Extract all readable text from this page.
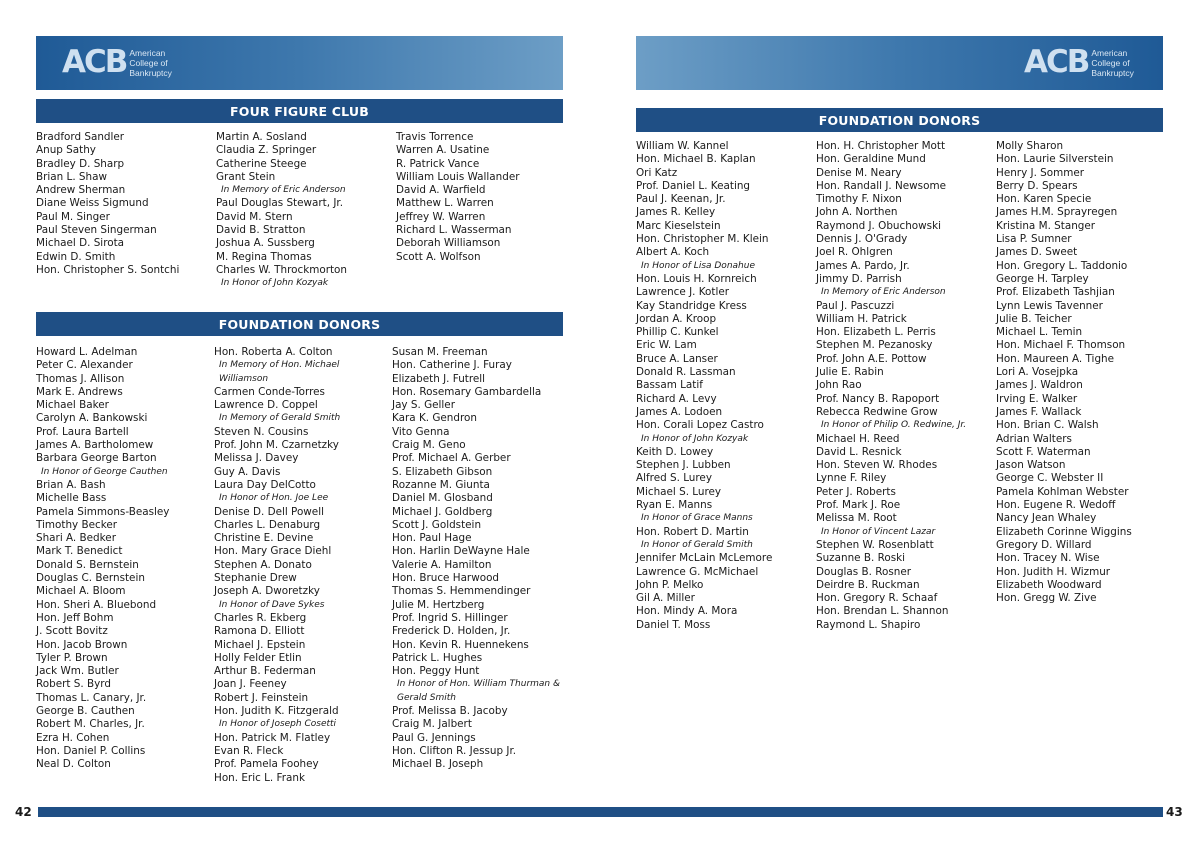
ACB American
College of
Bankruptcy
FOUR FIGURE CLUB
Bradford Sandler
Anup Sathy
Bradley D. Sharp
Brian L. Shaw
Andrew Sherman
Diane Weiss Sigmund
Paul M. Singer
Paul Steven Singerman
Michael D. Sirota
Edwin D. Smith
Hon. Christopher S. Sontchi
Martin A. Sosland
Claudia Z. Springer
Catherine Steege
Grant Stein
In Memory of Eric Anderson
Paul Douglas Stewart, Jr.
David M. Stern
David B. Stratton
Joshua A. Sussberg
M. Regina Thomas
Charles W. Throckmorton
In Honor of John Kozyak
Travis Torrence
Warren A. Usatine
R. Patrick Vance
William Louis Wallander
David A. Warfield
Matthew L. Warren
Jeffrey W. Warren
Richard L. Wasserman
Deborah Williamson
Scott A. Wolfson
FOUNDATION DONORS
Howard L. Adelman
Peter C. Alexander
Thomas J. Allison
Mark E. Andrews
Michael Baker
Carolyn A. Bankowski
Prof. Laura Bartell
James A. Bartholomew
Barbara George Barton
In Honor of George Cauthen
Brian A. Bash
Michelle Bass
Pamela Simmons-Beasley
Timothy Becker
Shari A. Bedker
Mark T. Benedict
Donald S. Bernstein
Douglas C. Bernstein
Michael A. Bloom
Hon. Sheri A. Bluebond
Hon. Jeff Bohm
J. Scott Bovitz
Hon. Jacob Brown
Tyler P. Brown
Jack Wm. Butler
Robert S. Byrd
Thomas L. Canary, Jr.
George B. Cauthen
Robert M. Charles, Jr.
Ezra H. Cohen
Hon. Daniel P. Collins
Neal D. Colton
Hon. Roberta A. Colton
In Memory of Hon. Michael
Williamson
Carmen Conde-Torres
Lawrence D. Coppel
In Memory of Gerald Smith
Steven N. Cousins
Prof. John M. Czarnetzky
Melissa J. Davey
Guy A. Davis
Laura Day DelCotto
In Honor of Hon. Joe Lee
Denise D. Dell Powell
Charles L. Denaburg
Christine E. Devine
Hon. Mary Grace Diehl
Stephen A. Donato
Stephanie Drew
Joseph A. Dworetzky
In Honor of Dave Sykes
Charles R. Ekberg
Ramona D. Elliott
Michael J. Epstein
Holly Felder Etlin
Arthur B. Federman
Joan J. Feeney
Robert J. Feinstein
Hon. Judith K. Fitzgerald
In Honor of Joseph Cosetti
Hon. Patrick M. Flatley
Evan R. Fleck
Prof. Pamela Foohey
Hon. Eric L. Frank
Susan M. Freeman
Hon. Catherine J. Furay
Elizabeth J. Futrell
Hon. Rosemary Gambardella
Jay S. Geller
Kara K. Gendron
Vito Genna
Craig M. Geno
Prof. Michael A. Gerber
S. Elizabeth Gibson
Rozanne M. Giunta
Daniel M. Glosband
Michael J. Goldberg
Scott J. Goldstein
Hon. Paul Hage
Hon. Harlin DeWayne Hale
Valerie A. Hamilton
Hon. Bruce Harwood
Thomas S. Hemmendinger
Julie M. Hertzberg
Prof. Ingrid S. Hillinger
Frederick D. Holden, Jr.
Hon. Kevin R. Huennekens
Patrick L. Hughes
Hon. Peggy Hunt
In Honor of Hon. William Thurman &
Gerald Smith
Prof. Melissa B. Jacoby
Craig M. Jalbert
Paul G. Jennings
Hon. Clifton R. Jessup Jr.
Michael B. Joseph
42
ACB American
College of
Bankruptcy
FOUNDATION DONORS
William W. Kannel
Hon. Michael B. Kaplan
Ori Katz
Prof. Daniel L. Keating
Paul J. Keenan, Jr.
James R. Kelley
Marc Kieselstein
Hon. Christopher M. Klein
Albert A. Koch
In Honor of Lisa Donahue
Hon. Louis H. Kornreich
Lawrence J. Kotler
Kay Standridge Kress
Jordan A. Kroop
Phillip C. Kunkel
Eric W. Lam
Bruce A. Lanser
Donald R. Lassman
Bassam Latif
Richard A. Levy
James A. Lodoen
Hon. Corali Lopez Castro
In Honor of John Kozyak
Keith D. Lowey
Stephen J. Lubben
Alfred S. Lurey
Michael S. Lurey
Ryan E. Manns
In Honor of Grace Manns
Hon. Robert D. Martin
In Honor of Gerald Smith
Jennifer McLain McLemore
Lawrence G. McMichael
John P. Melko
Gil A. Miller
Hon. Mindy A. Mora
Daniel T. Moss
Hon. H. Christopher Mott
Hon. Geraldine Mund
Denise M. Neary
Hon. Randall J. Newsome
Timothy F. Nixon
John A. Northen
Raymond J. Obuchowski
Dennis J. O'Grady
Joel R. Ohlgren
James A. Pardo, Jr.
Jimmy D. Parrish
In Memory of Eric Anderson
Paul J. Pascuzzi
William H. Patrick
Hon. Elizabeth L. Perris
Stephen M. Pezanosky
Prof. John A.E. Pottow
Julie E. Rabin
John Rao
Prof. Nancy B. Rapoport
Rebecca Redwine Grow
In Honor of Philip O. Redwine, Jr.
Michael H. Reed
David L. Resnick
Hon. Steven W. Rhodes
Lynne F. Riley
Peter J. Roberts
Prof. Mark J. Roe
Melissa M. Root
In Honor of Vincent Lazar
Stephen W. Rosenblatt
Suzanne B. Roski
Douglas B. Rosner
Deirdre B. Ruckman
Hon. Gregory R. Schaaf
Hon. Brendan L. Shannon
Raymond L. Shapiro
Molly Sharon
Hon. Laurie Silverstein
Henry J. Sommer
Berry D. Spears
Hon. Karen Specie
James H.M. Sprayregen
Kristina M. Stanger
Lisa P. Sumner
James D. Sweet
Hon. Gregory L. Taddonio
George H. Tarpley
Prof. Elizabeth Tashjian
Lynn Lewis Tavenner
Julie B. Teicher
Michael L. Temin
Hon. Michael F. Thomson
Hon. Maureen A. Tighe
Lori A. Vosejpka
James J. Waldron
Irving E. Walker
James F. Wallack
Hon. Brian C. Walsh
Adrian Walters
Scott F. Waterman
Jason Watson
George C. Webster II
Pamela Kohlman Webster
Hon. Eugene R. Wedoff
Nancy Jean Whaley
Elizabeth Corinne Wiggins
Gregory D. Willard
Hon. Tracey N. Wise
Hon. Judith H. Wizmur
Elizabeth Woodward
Hon. Gregg W. Zive
43
